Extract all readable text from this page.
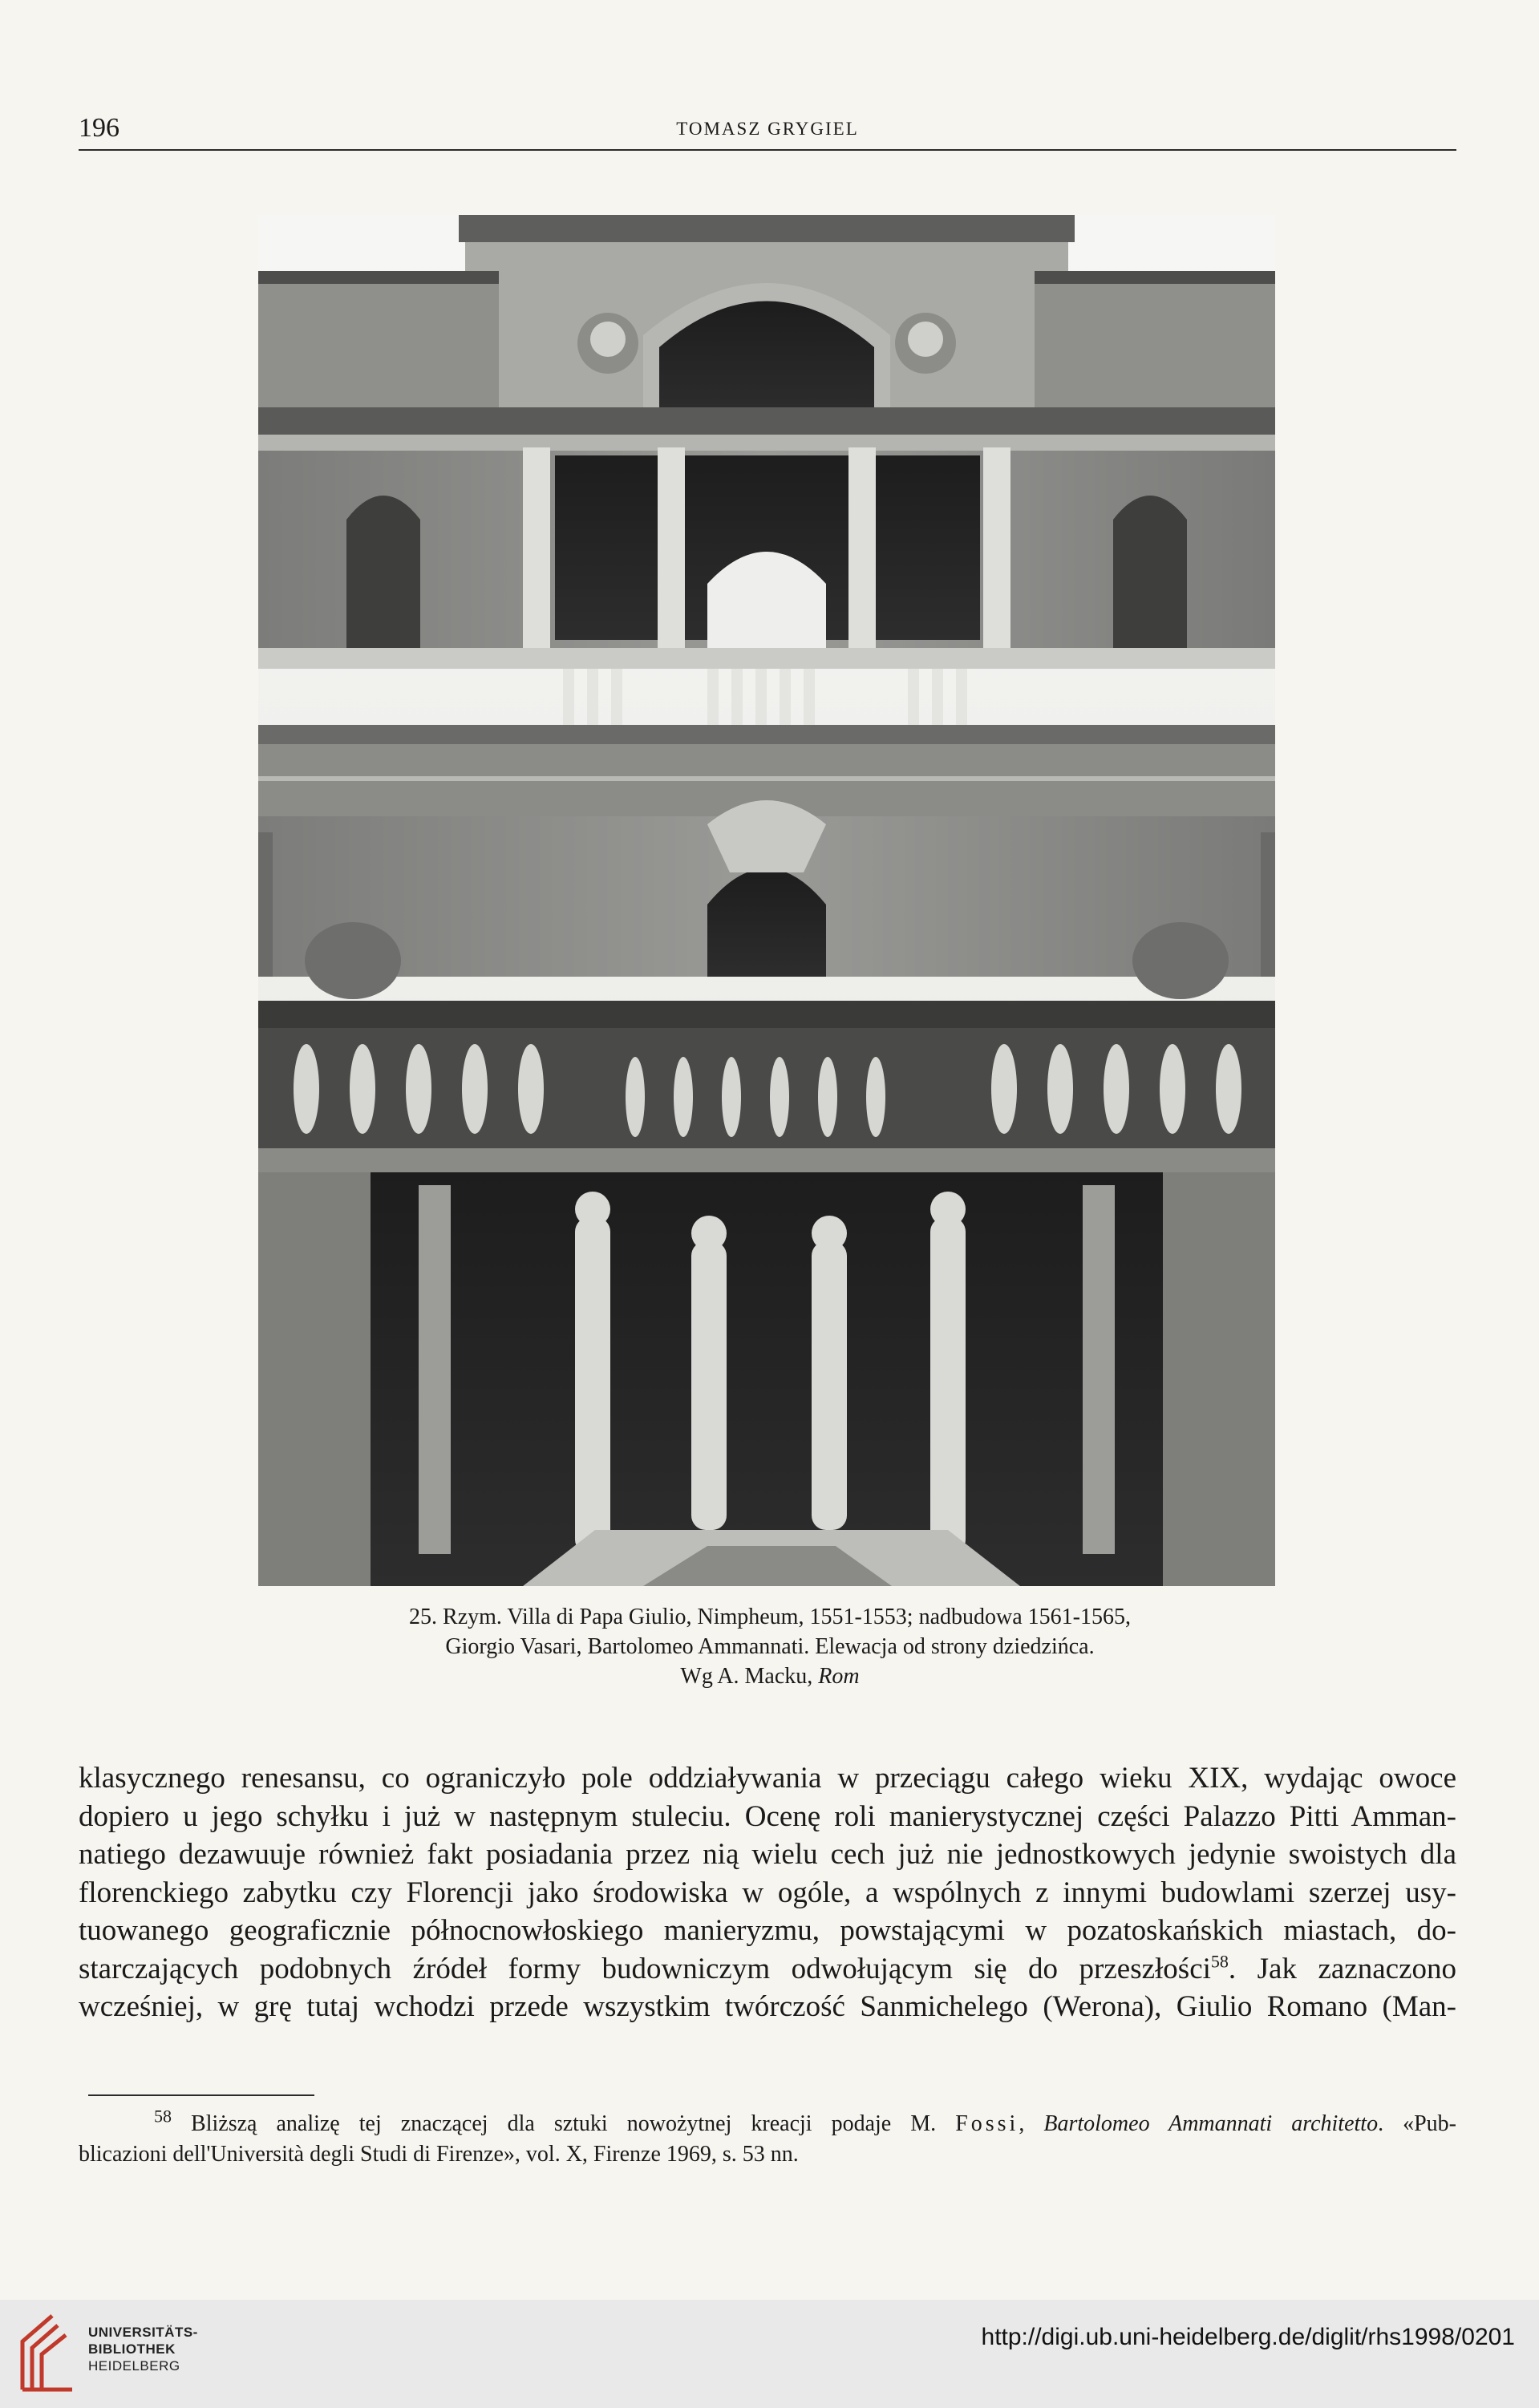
196	TOMASZ GRYGIEL
25. Rzym. Villa di Papa Giulio, Nimpheum, 1551-1553; nadbudowa 1561-1565,
Giorgio Vasari, Bartolomeo Ammannati. Elewacja od strony dziedzińca.
Wg A. Macku, Rom
klasycznego renesansu, co ograniczyło pole oddziaływania w przeciągu całego wieku XIX, wydając owoce
dopiero u jego schyłku i już w następnym stuleciu. Ocenę roli manierystycznej części Palazzo Pitti Amman-
natiego dezawuuje również fakt posiadania przez nią wielu cech już nie jednostkowych jedynie swoistych dla
florenckiego zabytku czy Florencji jako środowiska w ogóle, a wspólnych z innymi budowlami szerzej usy-
tuowanego geograficznie północnowłoskiego manieryzmu, powstającymi w pozatoskańskich miastach, do-
starczających podobnych źródeł formy budowniczym odwołującym się do przeszłości$^{58}$. Jak zaznaczono
wcześniej, w grę tutaj wchodzi przede wszystkim twórczość Sanmichelego (Werona), Giulio Romano (Man-
$^{58}$ Bliższą analizę tej znaczącej dla sztuki nowożytnej kreacji podaje M. Fossi, Bartolomeo Ammannati architetto. «Pub-
blicazioni dell'Università degli Studi di Firenze», vol. X, Firenze 1969, s. 53 nn.
UNIVERSITÄTS-
BIBLIOTHEK
HEIDELBERG
http://digi.ub.uni-heidelberg.de/diglit/rhs1998/0201
